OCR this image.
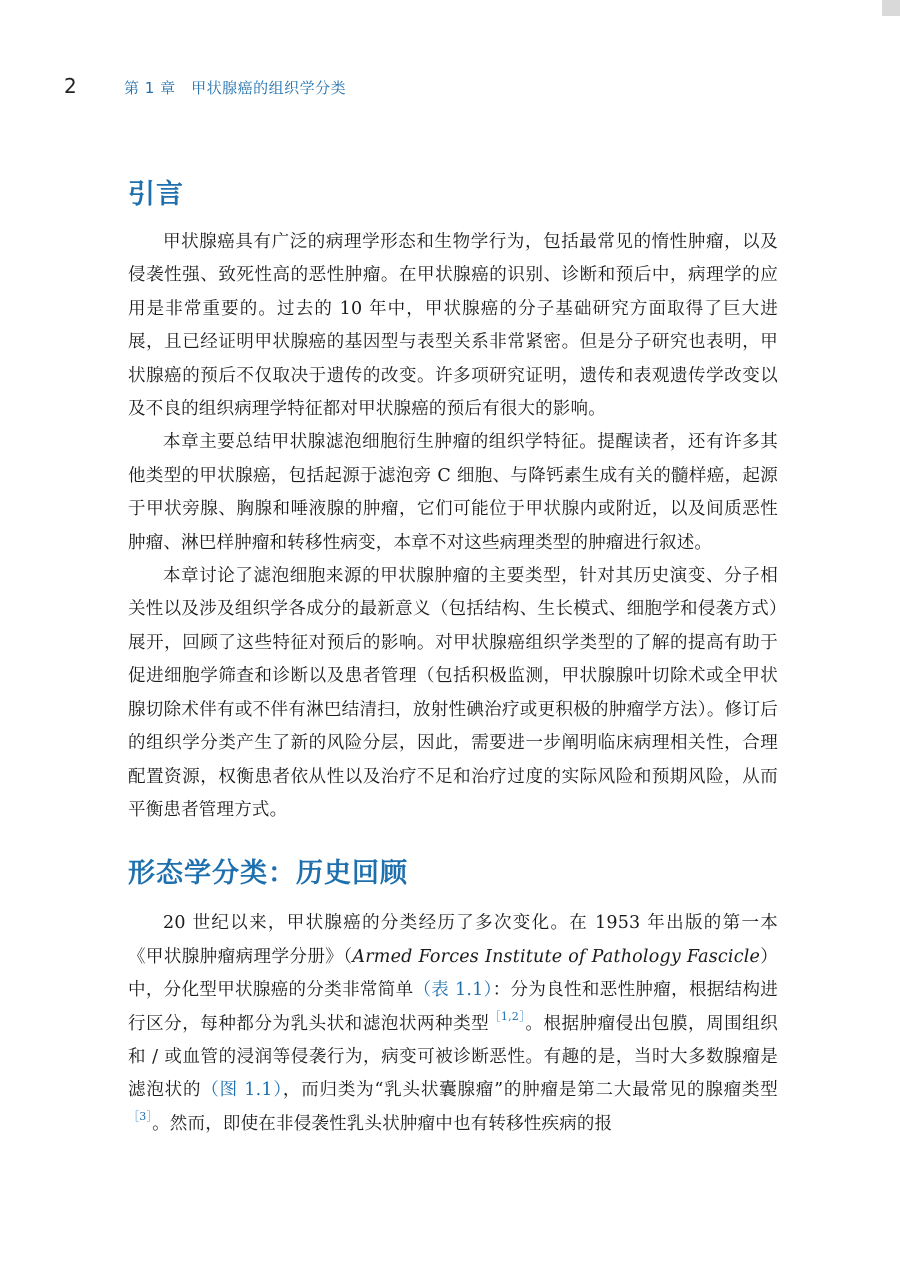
2	第 1 章　甲状腺癌的组织学分类
引言

甲状腺癌具有广泛的病理学形态和生物学行为，包括最常见的惰性肿瘤，以及侵袭性强、致死性高的恶性肿瘤。在甲状腺癌的识别、诊断和预后中，病理学的应用是非常重要的。过去的 10 年中，甲状腺癌的分子基础研究方面取得了巨大进展，且已经证明甲状腺癌的基因型与表型关系非常紧密。但是分子研究也表明，甲状腺癌的预后不仅取决于遗传的改变。许多项研究证明，遗传和表观遗传学改变以及不良的组织病理学特征都对甲状腺癌的预后有很大的影响。

本章主要总结甲状腺滤泡细胞衍生肿瘤的组织学特征。提醒读者，还有许多其他类型的甲状腺癌，包括起源于滤泡旁 C 细胞、与降钙素生成有关的髓样癌，起源于甲状旁腺、胸腺和唾液腺的肿瘤，它们可能位于甲状腺内或附近，以及间质恶性肿瘤、淋巴样肿瘤和转移性病变，本章不对这些病理类型的肿瘤进行叙述。

本章讨论了滤泡细胞来源的甲状腺肿瘤的主要类型，针对其历史演变、分子相关性以及涉及组织学各成分的最新意义（包括结构、生长模式、细胞学和侵袭方式）展开，回顾了这些特征对预后的影响。对甲状腺癌组织学类型的了解的提高有助于促进细胞学筛查和诊断以及患者管理（包括积极监测，甲状腺腺叶切除术或全甲状腺切除术伴有或不伴有淋巴结清扫，放射性碘治疗或更积极的肿瘤学方法）。修订后的组织学分类产生了新的风险分层，因此，需要进一步阐明临床病理相关性，合理配置资源，权衡患者依从性以及治疗不足和治疗过度的实际风险和预期风险，从而平衡患者管理方式。

形态学分类：历史回顾

20 世纪以来，甲状腺癌的分类经历了多次变化。在 1953 年出版的第一本《甲状腺肿瘤病理学分册》（Armed Forces Institute of Pathology Fascicle）中，分化型甲状腺癌的分类非常简单（表 1.1）：分为良性和恶性肿瘤，根据结构进行区分，每种都分为乳头状和滤泡状两种类型$^{[1,2]}$。根据肿瘤侵出包膜，周围组织和 / 或血管的浸润等侵袭行为，病变可被诊断恶性。有趣的是，当时大多数腺瘤是滤泡状的（图 1.1），而归类为“乳头状囊腺瘤”的肿瘤是第二大最常见的腺瘤类型$^{[3]}$。然而，即使在非侵袭性乳头状肿瘤中也有转移性疾病的报
